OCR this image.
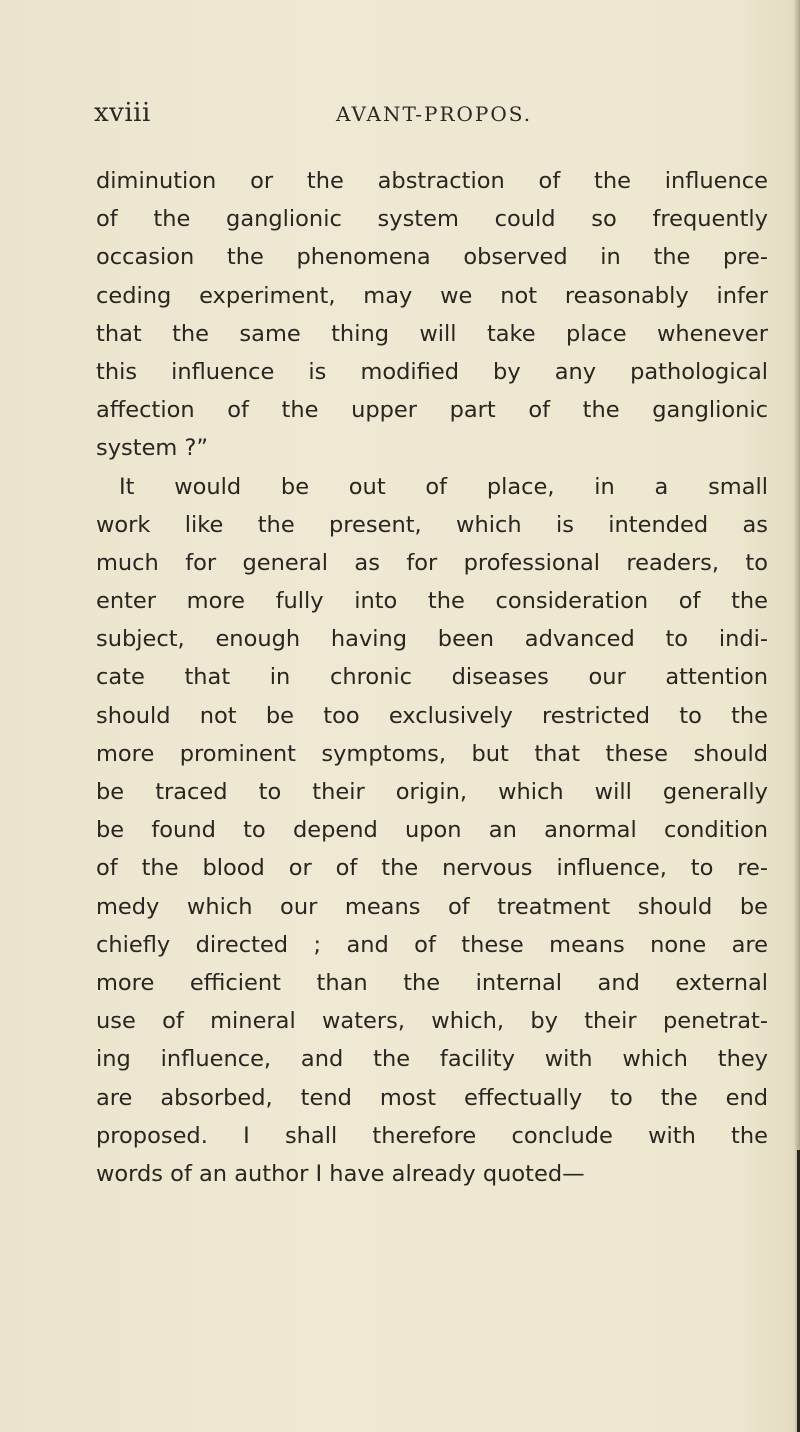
xviii	AVANT-PROPOS.
diminution or the abstraction of the influence
of the ganglionic system could so frequently
occasion the phenomena observed in the pre-
ceding experiment, may we not reasonably infer
that the same thing will take place whenever
this influence is modified by any pathological
affection of the upper part of the ganglionic
system ?”
It would be out of place, in a small
work like the present, which is intended as
much for general as for professional readers, to
enter more fully into the consideration of the
subject, enough having been advanced to indi-
cate that in chronic diseases our attention
should not be too exclusively restricted to the
more prominent symptoms, but that these should
be traced to their origin, which will generally
be found to depend upon an anormal condition
of the blood or of the nervous influence, to re-
medy which our means of treatment should be
chiefly directed ; and of these means none are
more efficient than the internal and external
use of mineral waters, which, by their penetrat-
ing influence, and the facility with which they
are absorbed, tend most effectually to the end
proposed. I shall therefore conclude with the
words of an author I have already quoted—
